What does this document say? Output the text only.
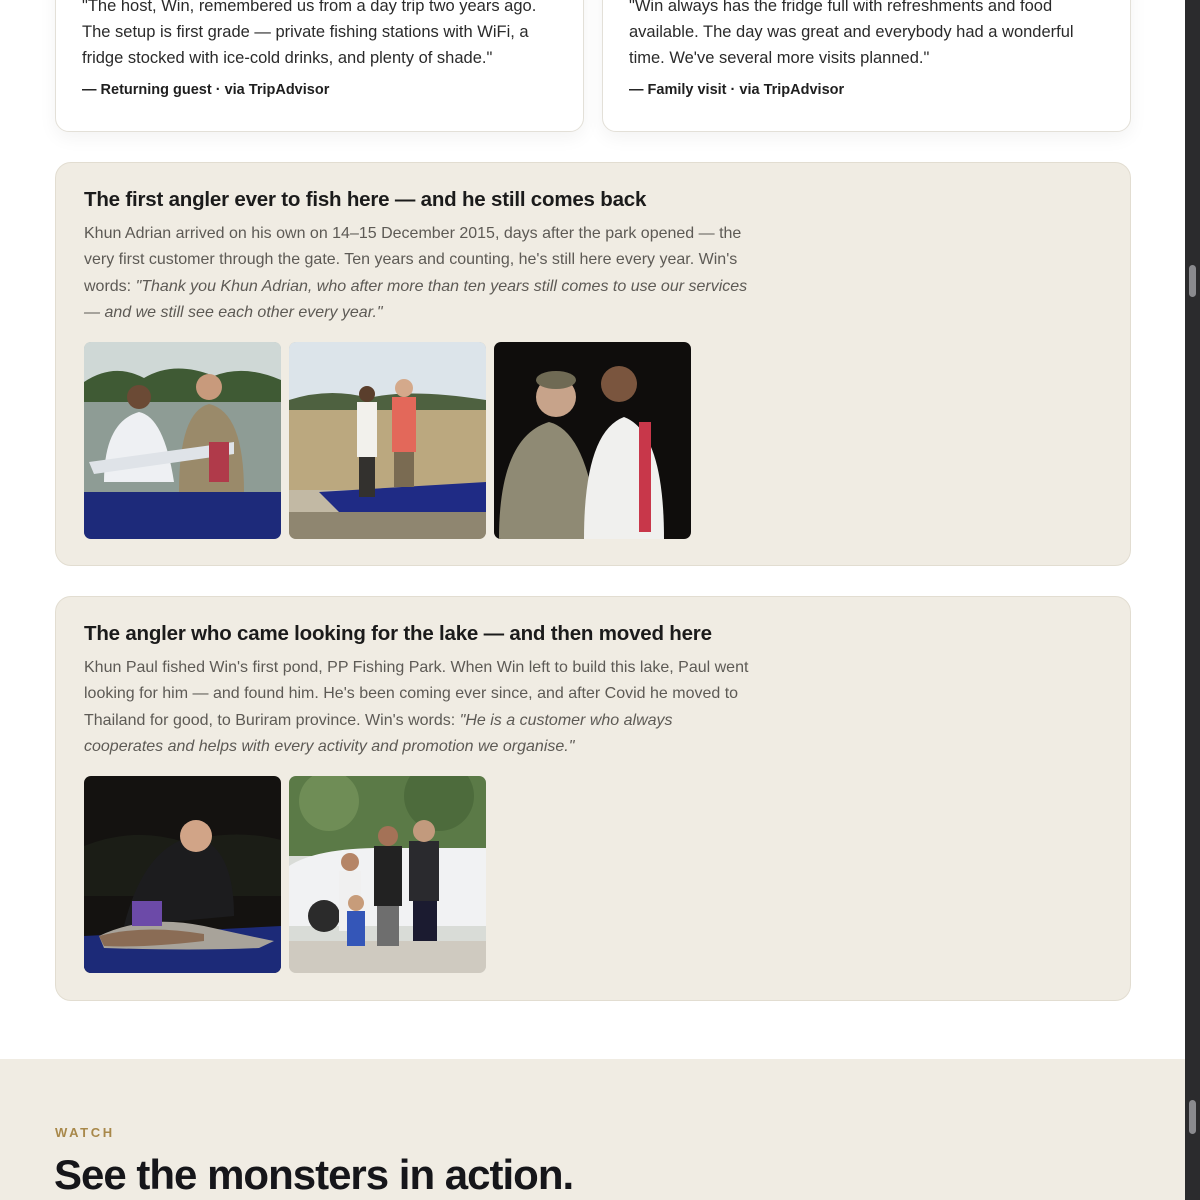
"The host, Win, remembered us from a day trip two years ago. The setup is first grade — private fishing stations with WiFi, a fridge stocked with ice-cold drinks, and plenty of shade."
— Returning guest · via TripAdvisor
"Win always has the fridge full with refreshments and food available. The day was great and everybody had a wonderful time. We've several more visits planned."
— Family visit · via TripAdvisor
The first angler ever to fish here — and he still comes back

Khun Adrian arrived on his own on 14–15 December 2015, days after the park opened — the very first customer through the gate. Ten years and counting, he's still here every year. Win's words: "Thank you Khun Adrian, who after more than ten years still comes to use our services — and we still see each other every year."

The angler who came looking for the lake — and then moved here

Khun Paul fished Win's first pond, PP Fishing Park. When Win left to build this lake, Paul went looking for him — and found him. He's been coming ever since, and after Covid he moved to Thailand for good, to Buriram province. Win's words: "He is a customer who always cooperates and helps with every activity and promotion we organise."

WATCH
See the monsters in action.
